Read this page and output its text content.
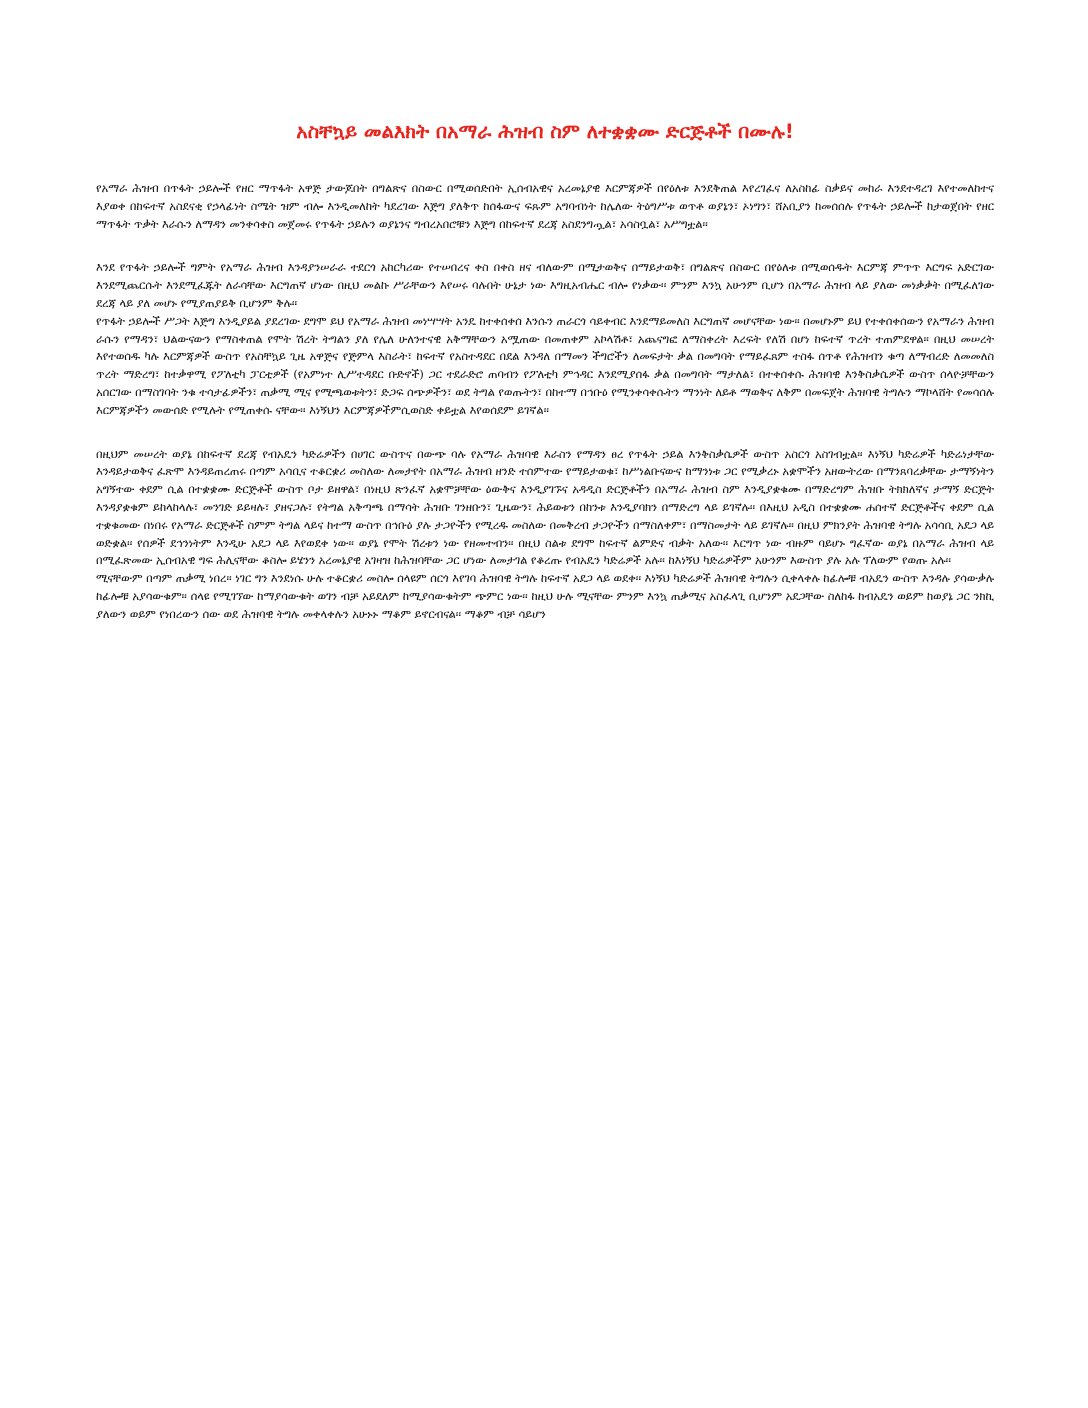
አስቸኳይ መልእክት በአማራ ሕዝብ ስም ለተቋቋሙ ድርጅቶች በሙሉ!

የአማራ ሕዝብ በጥፋት ኃይሎች የዘር ማጥፋት አዋጅ ታውጆበት በግልጽና በስውር በሚወሰድበት ኢሰብአዊና አረመኔያዊ እርምጃዎች በየዕለቱ እንደቅጠል እየረገፈና ለአስከፊ ስቃይና መከራ እንደተዳረገ እየተመለከተና እያወቀ በከፍተኛ አስደናቂ የኃላፊነት ስሜት ዝም ብሎ እንዲመለከት ካደረገው እጅግ ያለቅጥ ከሰፋውና ፍጹም አግባብነት ከሌለው ትዕግሥቱ ወጥቶ ወያኔን፣ ኦነግን፣ ሸአቢያን ከመሰሰሉ የጥፋት ኃይሎች ከታወጀበት የዘር ማጥፋት ጥቃት እራሱን ለማዳን መንቀሳቀስ መጀመሩ የጥፋት ኃይሉን ወያኔንና ግብረአበሮቹን እጅግ በከፍተኛ ደረጃ አስደንግጧል፣ አሳስቧል፣ አሥግቷል፡፡

እንደ የጥፋት ኃይሎች ግምት የአማራ ሕዝብ እንዳያንሠራራ ተደርጎ አከርካሪው የተሠበረና ቀስ በቀስ ዘና ብለውም በሚታወቅና በማይታወቅ፣ በግልጽና በስውር በየዕለቱ በሚወሰዱት እርምጃ ምጥጥ እርግፍ አድርገው እንደሚጨርሱት እንደሚፈጁት ለራሳቸው እርግጠኛ ሆነው በዚህ መልኩ ሥራቸውን እየሠሩ ባሉበት ሁኔታ ነው እግዚአብሔር ብሎ የነቃው፡፡ ምንም እንኳ አሁንም ቢሆን በአማራ ሕዝብ ላይ ያለው መነቃቃት በሚፈለገው ደረጃ ላይ ያለ መሆኑ የሚያጠያይቅ ቢሆንም ቅሉ፡፡

የጥፋት ኃይሎች ሥጋት እጅግ እንዲያይል ያደረገው ደግሞ ይህ የአማራ ሕዝብ መነሣሣት አንዴ ከተቀሰቀሰ እንሱን ጠራርጎ ሳይቀብር እንደማይመለስ እርግጠኛ መሆናቸው ነው፡፡ በመሆኑም ይህ የተቀሰቀሰውን የአማራን ሕዝብ ራሱን የማዳን፣ ህልውናውን የማስቀጠል የሞት ሽረት ትግልን ያለ የሌለ ሁለንተናዊ አቅማቸውን አሟጠው በመጠቀም አኮላሽቶ፣ አጨናግፎ ለማስቀረት እረፍት የለሽ በሆነ ከፍተኛ ጥረት ተጠምደዋል፡፡ በዚህ መሠረት እየተወሰዱ ካሉ እርምጃዎች ውስጥ የአስቸኳይ ጊዜ አዋጅና የጅምላ እስራት፣ ከፍተኛ የአስተዳደር በደል እንዳለ በማመን ችግሮችን ለመፍታት ቃል በመግባት የማይፈጸም ተስፋ ሰጥቶ የሕዝብን ቁጣ ለማብረድ ለመመለስ ጥረት ማድረግ፣ ከተቃዋሚ የፖለቲካ ፓርቲዎች (የአምነተ ሊሥተዳደር ቡድኖች) ጋር ተደራድሮ ጠባብን የፖለቲካ ምኅዳር እንደሚያሰፋ ቃል በመግባት ማታለል፣ በተቀሰቀሱ ሕዝባዊ እንቅስቃሴዎች ውስጥ ሰላዮቻቸውን አሰርገው በማስገባት ንቁ ተሳታፊዎችን፣ ጠቃሚ ሚና የሚጫወቱትን፣ ድጋፍ ሰጭዎችን፣ ወደ ትግል የወጡትን፣ በከተማ በኅቡዕ የሚንቀሳቀሱትን ማንነት ለይቶ ማወቅና ለቅም በመፍጀት ሕዝባዊ ትግሉን ማኮላሸት የመሳሰሉ እርምጃዎችን መውሰድ የሚሉት የሚጠቀሱ ናቸው፡፡ እነኝህን እርምጃዎችምሲወስድ ቀይቷል እየወሰደም ይገኛል፡፡

በዚህም መሠረት ወያኔ በከፍተኛ ደረጃ የብአዴን ካድሬዎችን በሀገር ውስጥና በውጭ ባሉ የአማራ ሕዝባዊ እራስን የማዳን ፀረ የጥፋት ኃይል እንቅስቃሴዎች ውስጥ አስርጎ አስገብቷል፡፡ እነኝህ ካድሬዎች ካድሬነታቸው እንዳይታወቅና ፈጽሞ እንዳይጠረጠሩ በጣም አሳቢና ተቆርቋሪ መስለው ለመታየት በአማራ ሕዝብ ዘንድ ተሰምተው የማይታወቁ፣ ከሥነልቡናውና ከማንነቱ ጋር የሚቃረኑ አቋሞችን አዘውትረው በማንጸባረቃቸው ታማኝነትን አግኝተው ቀደም ሲል በተቋቋሙ ድርጅቶች ውስጥ ቦታ ይዘዋል፣ በነዚህ ጽንፈኛ አቋሞቻቸው ዕውቅና እንዲያገኙና አዳዲስ ድርጅቶችን በአማራ ሕዝብ ስም እንዲያቋቁሙ በማድረግም ሕዝቡ ትክክለኛና ታማኝ ድርጅት እንዳያቋቁም ይከላከላሉ፣ መንገድ ይይዛሉ፣ ያዘናጋሉ፣ የትግል አቅጣጫ በማሳት ሕዝቡ ገንዘቡን፣ ጊዜውን፣ ሕይወቱን በከንቱ እንዲያባክን በማድረግ ላይ ይገኛሉ፡፡ በእዚህ አዲስ በተቋቋሙ ሐሰተኛ ድርጅቶችና ቀደም ሲል ተቋቁመው በነበሩ የአማራ ድርጅቶች ስምም ትግል ላይና ከተማ ውስጥ በኅቡዕ ያሉ ታጋዮችን የሚረዱ መስለው በመቅረብ ታጋዮችን በማስለቀም፣ በማስመታት ላይ ይገኛሉ፡፡ በዚህ ምክንያት ሕዝባዊ ትግሉ አሳሳቢ አደጋ ላይ ወድቋል፡፡ የሰዎች ደኅንነትም እንዲሁ አደጋ ላይ እየወደቀ ነው፡፡ ወያኔ የሞት ሽረቱን ነው የዘመተብን፡፡ በዚህ ስልቱ ደግሞ ከፍተኛ ልምድና ብቃት አለው፡፡ እርግጥ ነው ብዙም ባይሆኑ ግፈኛው ወያኔ በአማራ ሕዝብ ላይ በሚፈጽመው ኢሰብአዊ ግፍ ሕሊናቸው ቆስሎ ይሄንን አረመኔያዊ አገዛዝ ከሕዝባቸው ጋር ሆነው ለመታገል የቆረጡ የብአዴን ካድሬዎች አሉ፡፡ ከእነኝህ ካድሬዎችም አሁንም እውስጥ ያሉ አሉ ፕለውም የወጡ አሉ፡፡

ሚናቸውም በጣም ጠቃሚ ነበረ፡፡ ነገር ግን እንደነሱ ሁሉ ተቆርቋሪ መስሎ ሰላዩም ሰርጎ እየገባ ሕዝባዊ ትግሉ ከፍተኛ አደጋ ላይ ወደቀ፡፡ እነኝህ ካድሬዎች ሕዝባዊ ትግሉን ሲቀላቀሉ ከፊሎቹ ብአዴን ውስጥ እንዳሉ ያሳውቃሉ ከፊሎቹ አያሳውቁም፡፡ ሰላዩ የሚገኘው ከማያሳውቁት ወገን ብቻ አይደለም ከሚያሳውቁትም ጭምር ነው፡፡ ከዚህ ሁሉ ሚናቸው ምንም እንኳ ጠቃሚና አስፈላጊ ቢሆንም አደጋቸው ስለከፋ ከብአዴን ወይም ከወያኔ ጋር ንክኪ ያለውን ወይም የነበረውን ሰው ወደ ሕዝባዊ ትግሉ መቀላቀሉን አሁኑኑ ማቆም ይኖርብናል፡፡ ማቆም ብቻ ሳይሆን
